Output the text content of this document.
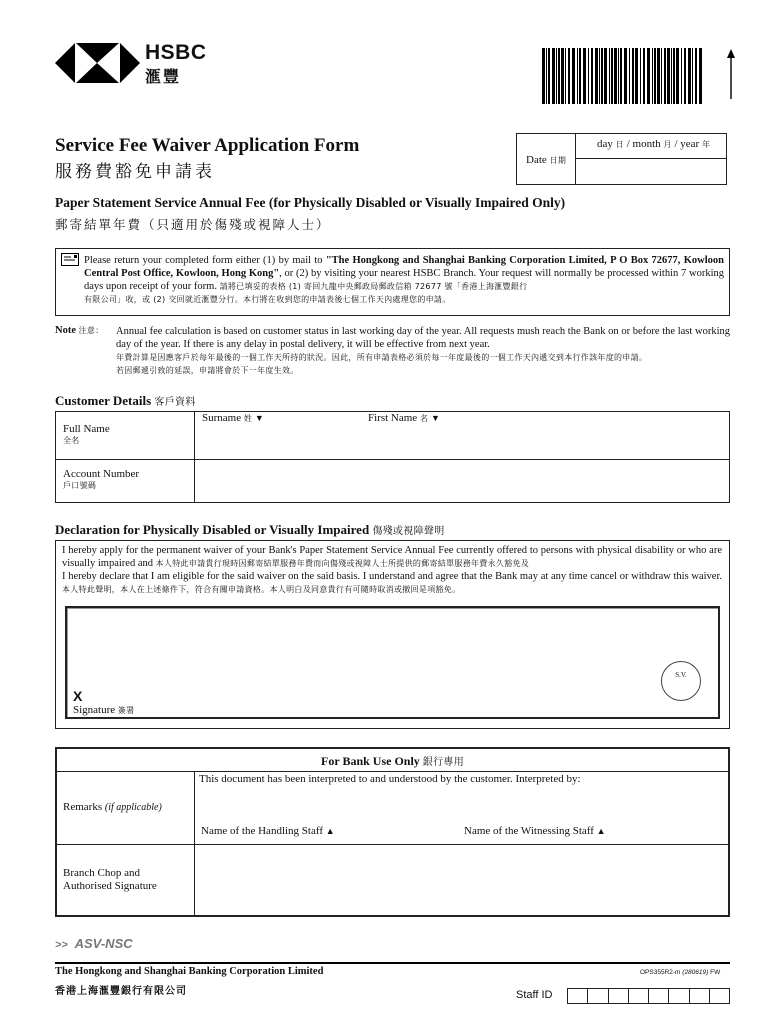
HSBC
滙豐
Service Fee Waiver Application Form
服務費豁免申請表
Date 日期
day 日 / month 月 / year 年
Paper Statement Service Annual Fee (for Physically Disabled or Visually Impaired Only)
郵寄結單年費（只適用於傷殘或視障人士）
Please return your completed form either (1) by mail to "The Hongkong and Shanghai Banking Corporation Limited, P O Box 72677, Kowloon Central Post Office, Kowloon, Hong Kong", or (2) by visiting your nearest HSBC Branch. Your request will normally be processed within 7 working days upon receipt of your form. 請將已填妥的表格 (1) 寄回九龍中央郵政局郵政信箱 72677 號「香港上海滙豐銀行
有限公司」收，或 (2) 交回就近滙豐分行。本行將在收到您的申請表後七個工作天內處理您的申請。
Note 注意： Annual fee calculation is based on customer status in last working day of the year. All requests mush reach the Bank on or before the last working day of the year. If there is any delay in postal delivery, it will be effective from next year.
年費計算是因應客戶於每年最後的一個工作天所持的狀況。因此，所有申請表格必須於每一年度最後的一個工作天內遞交到本行作該年度的申請。
若因郵遞引致的延誤，申請將會於下一年度生效。
Customer Details 客戶資料
Full Name
全名
Surname 姓 ▼	First Name 名 ▼
Account Number
戶口號碼
Declaration for Physically Disabled or Visually Impaired 傷殘或視障聲明
I hereby apply for the permanent waiver of your Bank's Paper Statement Service Annual Fee currently offered to persons with physical disability or who are visually impaired and 本人特此申請貴行現時因郵寄結單服務年費而向傷殘或視障人士所提供的郵寄結單服務年費永久豁免及
I hereby declare that I am eligible for the said waiver on the said basis. I understand and agree that the Bank may at any time cancel or withdraw this waiver. 本人特此聲明，本人在上述條件下，符合有關申請資格。本人明白及同意貴行有可隨時取消或撤回是項豁免。
X
Signature 簽署
S.V.
For Bank Use Only 銀行專用
Remarks (if applicable)
This document has been interpreted to and understood by the customer. Interpreted by:
Name of the Handling Staff ▲	Name of the Witnessing Staff ▲
Branch Chop and
Authorised Signature
>> ASV-NSC
The Hongkong and Shanghai Banking Corporation Limited
香港上海滙豐銀行有限公司
OPS355R2-m (280619) FW
Staff ID
